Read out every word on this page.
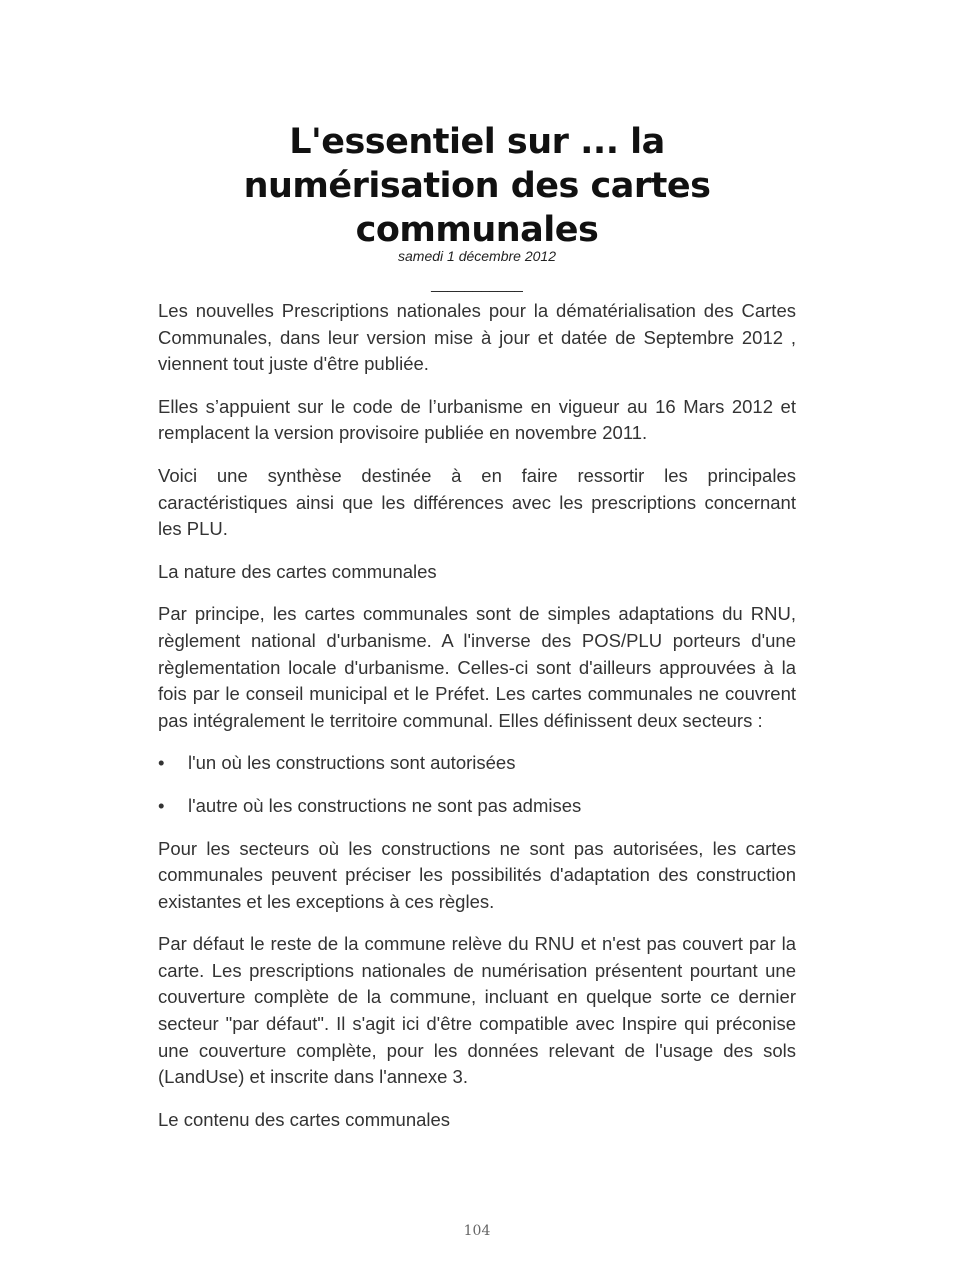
L'essentiel sur ... la numérisation des cartes communales
samedi 1 décembre 2012
___________

Les nouvelles Prescriptions nationales pour la dématérialisation des Cartes Communales, dans leur version mise à jour et datée de Septembre 2012 , viennent tout juste d'être publiée.

Elles s’appuient sur le code de l’urbanisme en vigueur au 16 Mars 2012 et remplacent la version provisoire publiée en novembre 2011.

Voici une synthèse destinée à en faire ressortir les principales caractéristiques ainsi que les différences avec les prescriptions concernant les PLU.

La nature des cartes communales

Par principe, les cartes communales sont de simples adaptations du RNU, règlement national d'urbanisme. A l'inverse des POS/PLU porteurs d'une règlementation locale d'urbanisme. Celles-ci sont d'ailleurs approuvées à la fois par le conseil municipal et le Préfet. Les cartes communales ne couvrent pas intégralement le territoire communal. Elles définissent deux secteurs :

• l'un où les constructions sont autorisées
• l'autre où les constructions ne sont pas admises

Pour les secteurs où les constructions ne sont pas autorisées, les cartes communales peuvent préciser les possibilités d'adaptation des construction existantes et les exceptions à ces règles.

Par défaut le reste de la commune relève du RNU et n'est pas couvert par la carte. Les prescriptions nationales de numérisation présentent pourtant une couverture complète de la commune, incluant en quelque sorte ce dernier secteur "par défaut". Il s'agit ici d'être compatible avec Inspire qui préconise une couverture complète, pour les données relevant de l'usage des sols (LandUse) et inscrite dans l'annexe 3.

Le contenu des cartes communales

104
